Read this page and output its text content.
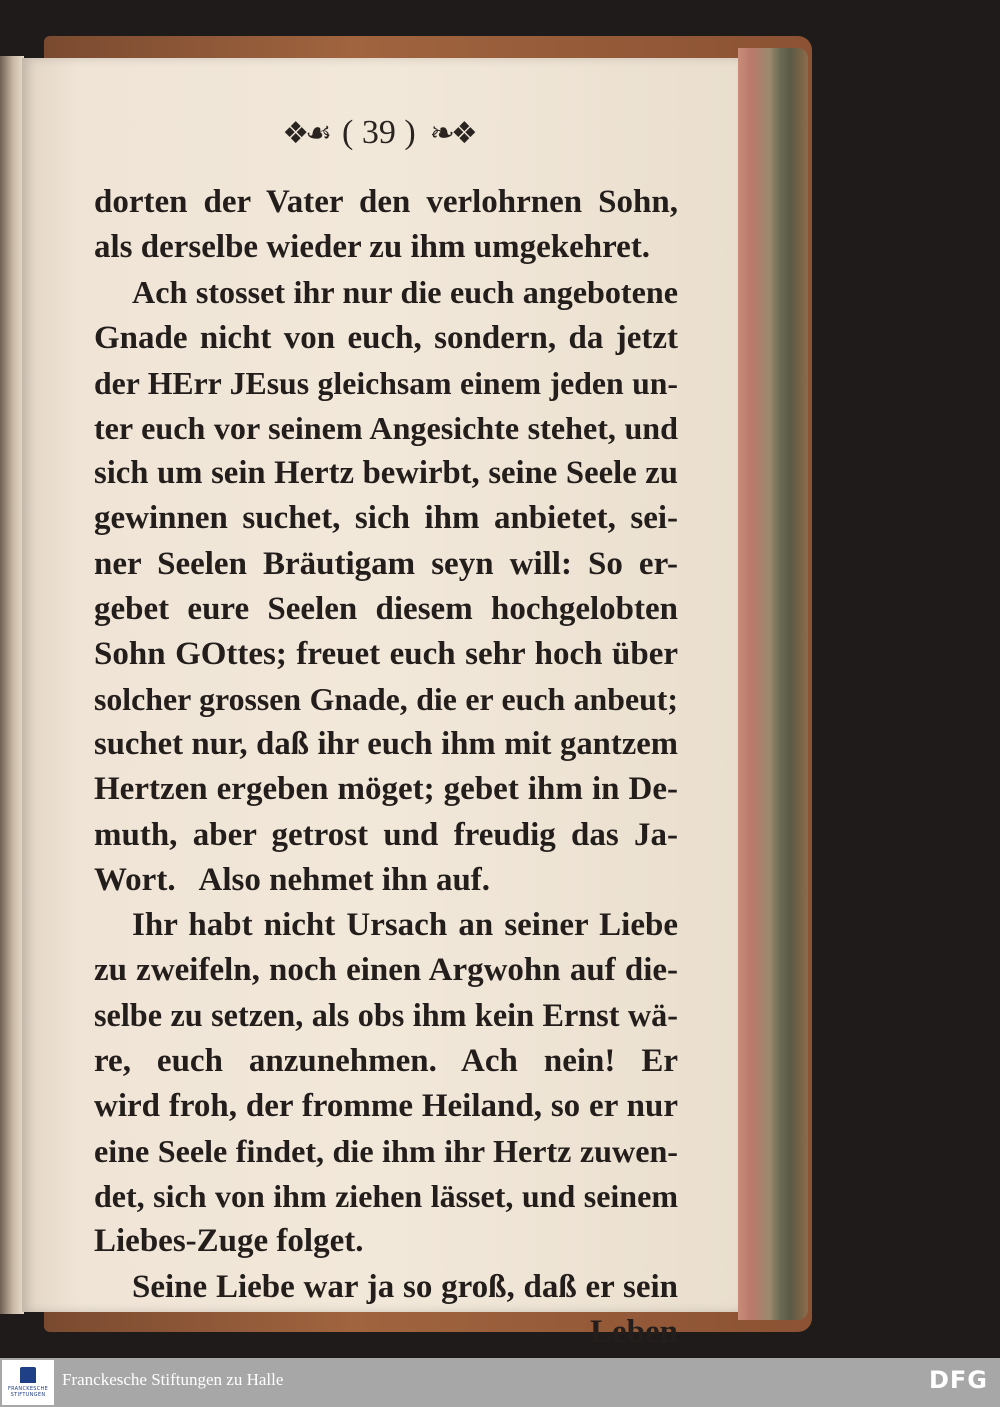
❖☙ ( 39 ) ❧❖
dorten der Vater den verlohrnen Sohn,
als derselbe wieder zu ihm umgekehret.
Ach stosset ihr nur die euch angebotene
Gnade nicht von euch, sondern, da jetzt
der HErr JEsus gleichsam einem jeden un-
ter euch vor seinem Angesichte stehet, und
sich um sein Hertz bewirbt, seine Seele zu
gewinnen suchet, sich ihm anbietet, sei-
ner Seelen Bräutigam seyn will: So er-
gebet eure Seelen diesem hochgelobten
Sohn GOttes; freuet euch sehr hoch über
solcher grossen Gnade, die er euch anbeut;
suchet nur, daß ihr euch ihm mit gantzem
Hertzen ergeben möget; gebet ihm in De-
muth, aber getrost und freudig das Ja-
Wort.   Also nehmet ihn auf.
Ihr habt nicht Ursach an seiner Liebe
zu zweifeln, noch einen Argwohn auf die-
selbe zu setzen, als obs ihm kein Ernst wä-
re, euch anzunehmen. Ach nein! Er
wird froh, der fromme Heiland, so er nur
eine Seele findet, die ihm ihr Hertz zuwen-
det, sich von ihm ziehen lässet, und seinem
Liebes-Zuge folget.
Seine Liebe war ja so groß, daß er sein
Leben
FRANCKESCHE STIFTUNGEN
Franckesche Stiftungen zu Halle	DFG
